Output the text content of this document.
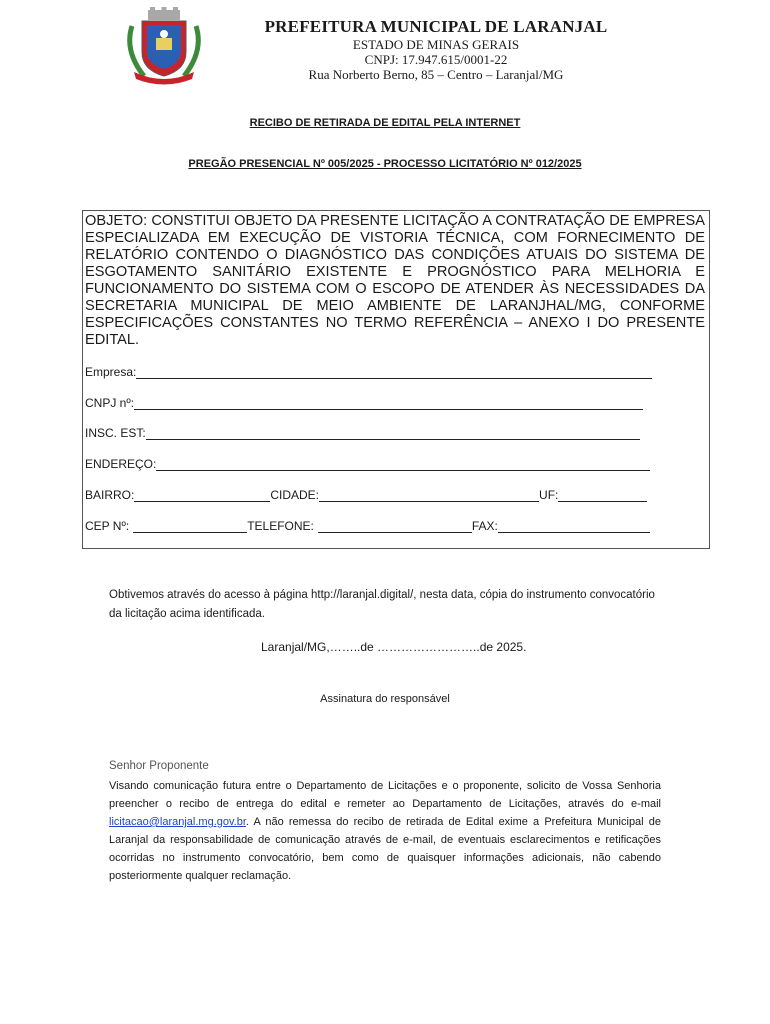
PREFEITURA MUNICIPAL DE LARANJAL
ESTADO DE MINAS GERAIS
CNPJ: 17.947.615/0001-22
Rua Norberto Berno, 85 – Centro – Laranjal/MG
RECIBO DE RETIRADA DE EDITAL PELA INTERNET
PREGÃO PRESENCIAL Nº 005/2025 - PROCESSO LICITATÓRIO Nº 012/2025
OBJETO: CONSTITUI OBJETO DA PRESENTE LICITAÇÃO A CONTRATAÇÃO DE EMPRESA ESPECIALIZADA EM EXECUÇÃO DE VISTORIA TÉCNICA, COM FORNECIMENTO DE RELATÓRIO CONTENDO O DIAGNÓSTICO DAS CONDIÇÕES ATUAIS DO SISTEMA DE ESGOTAMENTO SANITÁRIO EXISTENTE E PROGNÓSTICO PARA MELHORIA E FUNCIONAMENTO DO SISTEMA COM O ESCOPO DE ATENDER ÀS NECESSIDADES DA SECRETARIA MUNICIPAL DE MEIO AMBIENTE DE LARANJHAL/MG, CONFORME ESPECIFICAÇÕES CONSTANTES NO TERMO REFERÊNCIA – ANEXO I DO PRESENTE EDITAL.
Empresa:
CNPJ nº:
INSC. EST:
ENDEREÇO:
BAIRRO:	CIDADE:	UF:
CEP Nº:	TELEFONE:	FAX:
Obtivemos através do acesso à página http://laranjal.digital/, nesta data, cópia do instrumento convocatório da licitação acima identificada.
Laranjal/MG,……..de ……………………..de 2025.
Assinatura do responsável
Senhor Proponente
Visando comunicação futura entre o Departamento de Licitações e o proponente, solicito de Vossa Senhoria preencher o recibo de entrega do edital e remeter ao Departamento de Licitações, através do e-mail licitacao@laranjal.mg.gov.br. A não remessa do recibo de retirada de Edital exime a Prefeitura Municipal de Laranjal da responsabilidade de comunicação através de e-mail, de eventuais esclarecimentos e retificações ocorridas no instrumento convocatório, bem como de quaisquer informações adicionais, não cabendo posteriormente qualquer reclamação.
